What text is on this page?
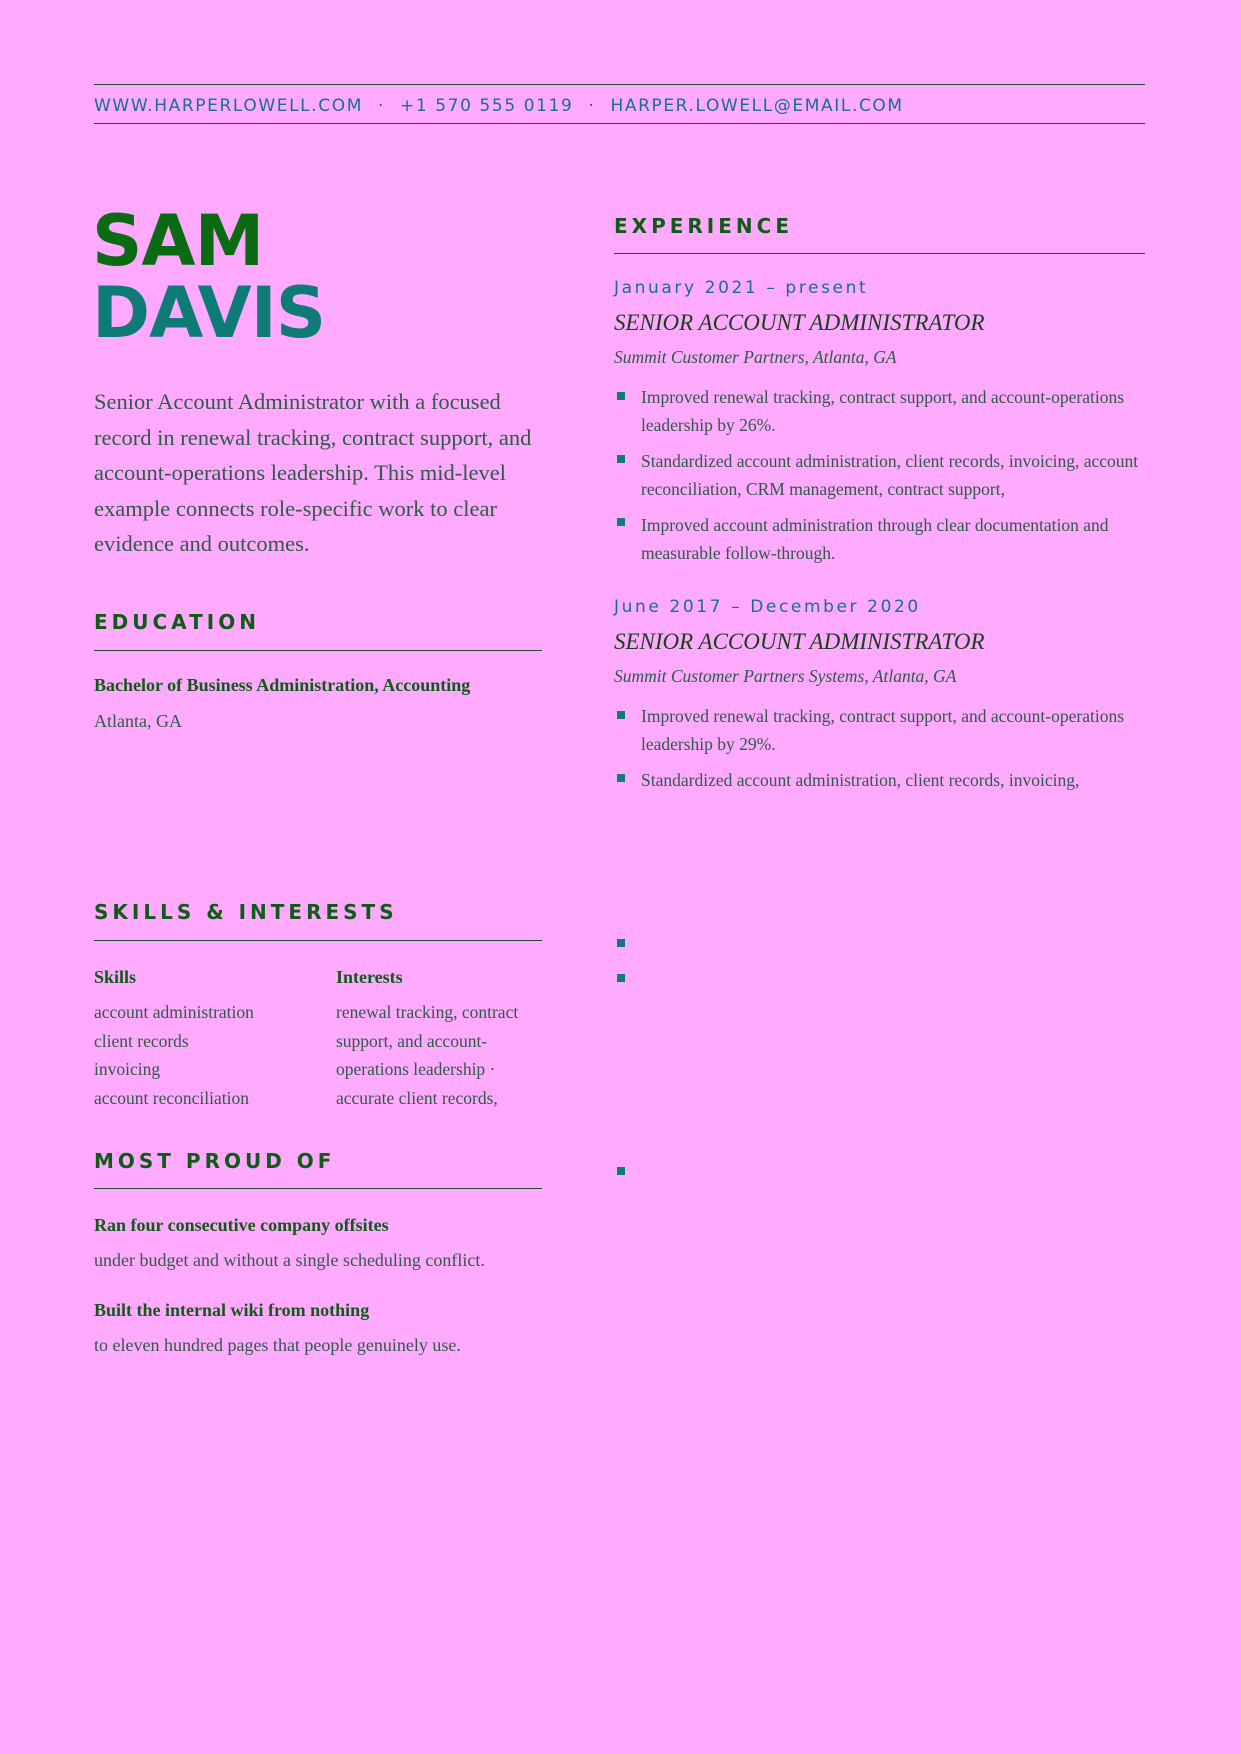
WWW.HARPERLOWELL.COM · +1 570 555 0119 · HARPER.LOWELL@EMAIL.COM
SAM
DAVIS
Senior Account Administrator with a focused record in renewal tracking, contract support, and account-operations leadership. This mid-level example connects role-specific work to clear evidence and outcomes.
EDUCATION
Bachelor of Business Administration, Accounting
Atlanta, GA
SKILLS & INTERESTS
Skills
account administration
client records
invoicing
account reconciliation
Interests
renewal tracking, contract support, and account-operations leadership · accurate client records,
MOST PROUD OF
Ran four consecutive company offsites
under budget and without a single scheduling conflict.
Built the internal wiki from nothing
to eleven hundred pages that people genuinely use.
EXPERIENCE
January 2021 – present
SENIOR ACCOUNT ADMINISTRATOR
Summit Customer Partners, Atlanta, GA
Improved renewal tracking, contract support, and account-operations leadership by 26%.
Standardized account administration, client records, invoicing, account reconciliation, CRM management, contract support,
Improved account administration through clear documentation and measurable follow-through.
June 2017 – December 2020
SENIOR ACCOUNT ADMINISTRATOR
Summit Customer Partners Systems, Atlanta, GA
Improved renewal tracking, contract support, and account-operations leadership by 29%.
Standardized account administration, client records, invoicing,
